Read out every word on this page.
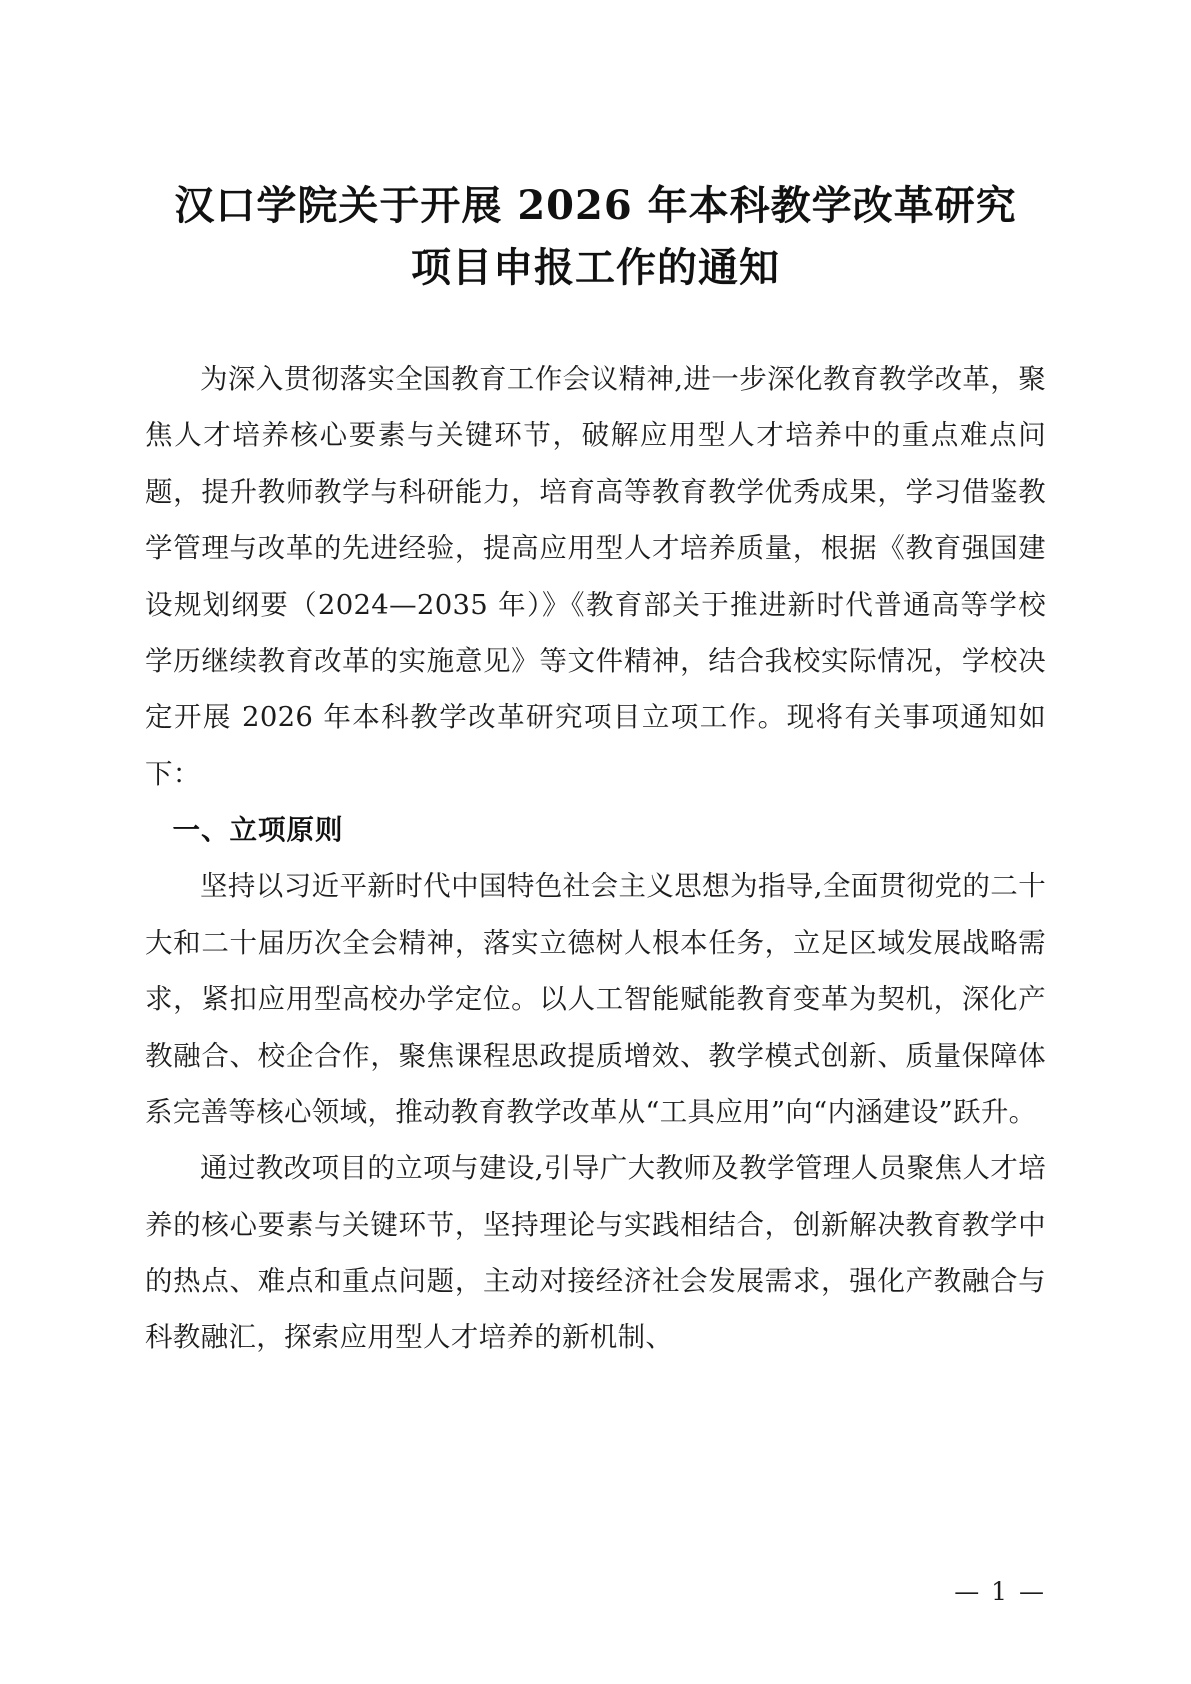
汉口学院关于开展 2026 年本科教学改革研究
项目申报工作的通知

为深入贯彻落实全国教育工作会议精神,进一步深化教育教学改革，聚焦人才培养核心要素与关键环节，破解应用型人才培养中的重点难点问题，提升教师教学与科研能力，培育高等教育教学优秀成果，学习借鉴教学管理与改革的先进经验，提高应用型人才培养质量，根据《教育强国建设规划纲要（2024—2035 年）》《教育部关于推进新时代普通高等学校学历继续教育改革的实施意见》等文件精神，结合我校实际情况，学校决定开展 2026 年本科教学改革研究项目立项工作。现将有关事项通知如下：

一、立项原则

坚持以习近平新时代中国特色社会主义思想为指导,全面贯彻党的二十大和二十届历次全会精神，落实立德树人根本任务，立足区域发展战略需求，紧扣应用型高校办学定位。以人工智能赋能教育变革为契机，深化产教融合、校企合作，聚焦课程思政提质增效、教学模式创新、质量保障体系完善等核心领域，推动教育教学改革从“工具应用”向“内涵建设”跃升。

通过教改项目的立项与建设,引导广大教师及教学管理人员聚焦人才培养的核心要素与关键环节，坚持理论与实践相结合，创新解决教育教学中的热点、难点和重点问题，主动对接经济社会发展需求，强化产教融合与科教融汇，探索应用型人才培养的新机制、

— 1 —
